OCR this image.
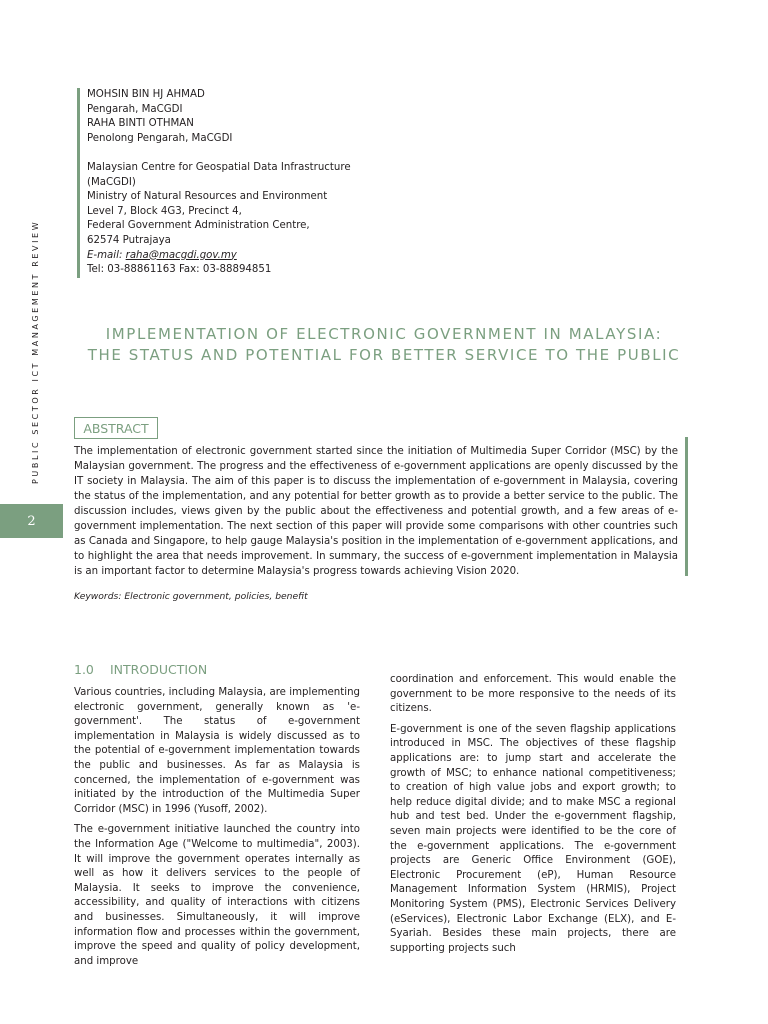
PUBLIC SECTOR ICT MANAGEMENT REVIEW
2
MOHSIN BIN HJ AHMAD
Pengarah, MaCGDI
RAHA BINTI OTHMAN
Penolong Pengarah, MaCGDI
Malaysian Centre for Geospatial Data Infrastructure
(MaCGDI)
Ministry of Natural Resources and Environment
Level 7, Block 4G3, Precinct 4,
Federal Government Administration Centre,
62574 Putrajaya
E-mail: raha@macgdi.gov.my
Tel: 03-88861163 Fax: 03-88894851
IMPLEMENTATION OF ELECTRONIC GOVERNMENT IN MALAYSIA:
THE STATUS AND POTENTIAL FOR BETTER SERVICE TO THE PUBLIC
ABSTRACT
The implementation of electronic government started since the initiation of Multimedia Super Corridor (MSC) by the Malaysian government. The progress and the effectiveness of e-government applications are openly discussed by the IT society in Malaysia. The aim of this paper is to discuss the implementation of e-government in Malaysia, covering the status of the implementation, and any potential for better growth as to provide a better service to the public. The discussion includes, views given by the public about the effectiveness and potential growth, and a few areas of e-government implementation. The next section of this paper will provide some comparisons with other countries such as Canada and Singapore, to help gauge Malaysia's position in the implementation of e-government applications, and to highlight the area that needs improvement. In summary, the success of e-government implementation in Malaysia is an important factor to determine Malaysia's progress towards achieving Vision 2020.
Keywords: Electronic government, policies, benefit
1.0 INTRODUCTION

Various countries, including Malaysia, are implementing electronic government, generally known as 'e-government'. The status of e-government implementation in Malaysia is widely discussed as to the potential of e-government implementation towards the public and businesses. As far as Malaysia is concerned, the implementation of e-government was initiated by the introduction of the Multimedia Super Corridor (MSC) in 1996 (Yusoff, 2002).

The e-government initiative launched the country into the Information Age ("Welcome to multimedia", 2003). It will improve the government operates internally as well as how it delivers services to the people of Malaysia. It seeks to improve the convenience, accessibility, and quality of interactions with citizens and businesses. Simultaneously, it will improve information flow and processes within the government, improve the speed and quality of policy development, and improve

coordination and enforcement. This would enable the government to be more responsive to the needs of its citizens.

E-government is one of the seven flagship applications introduced in MSC. The objectives of these flagship applications are: to jump start and accelerate the growth of MSC; to enhance national competitiveness; to creation of high value jobs and export growth; to help reduce digital divide; and to make MSC a regional hub and test bed. Under the e-government flagship, seven main projects were identified to be the core of the e-government applications. The e-government projects are Generic Office Environment (GOE), Electronic Procurement (eP), Human Resource Management Information System (HRMIS), Project Monitoring System (PMS), Electronic Services Delivery (eServices), Electronic Labor Exchange (ELX), and E-Syariah. Besides these main projects, there are supporting projects such
